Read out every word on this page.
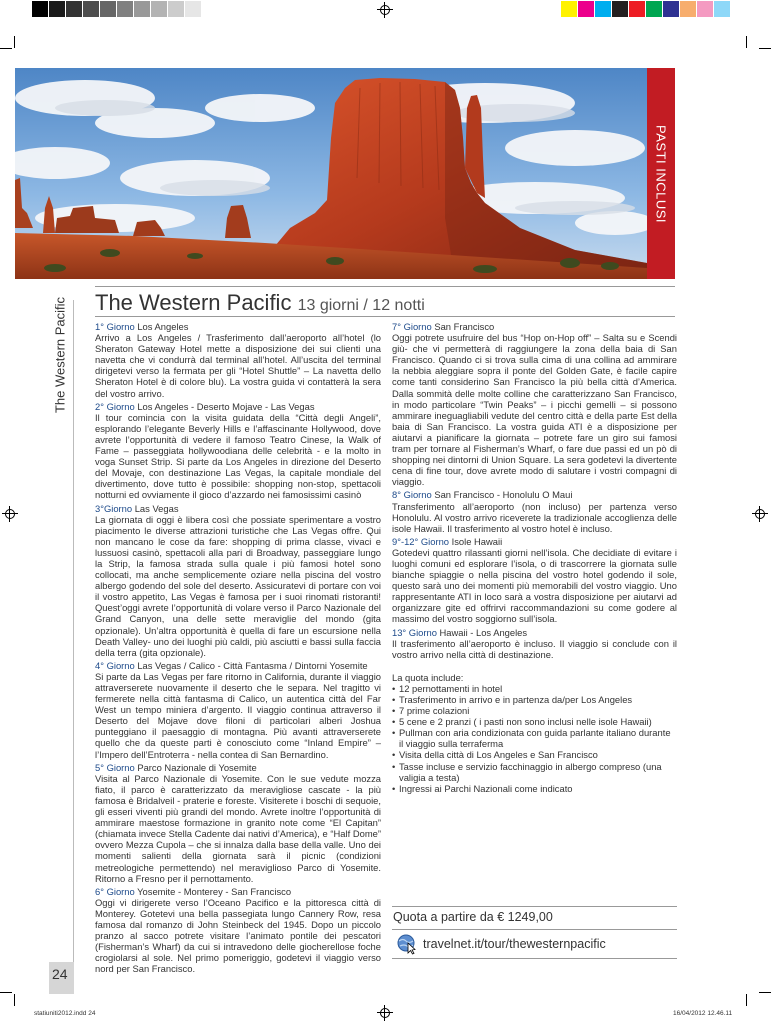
PASTI INCLUSI
The Western Pacific
24
The Western Pacific 13 giorni / 12 notti
1° Giorno Los Angeles

Arrivo a Los Angeles / Trasferimento dall’aeroporto all’hotel (lo Sheraton Gateway Hotel mette a disposizione dei sui clienti una navetta che vi condurrà dal terminal all’hotel. All’uscita del terminal dirigetevi verso la fermata per gli “Hotel Shuttle” – La navetta dello Sheraton Hotel è di colore blu). La vostra guida vi contatterà la sera del vostro arrivo.

2° Giorno Los Angeles - Deserto Mojave - Las Vegas

Il tour comincia con la visita guidata della “Città degli Angeli”, esplorando l’elegante Beverly Hills e l’affascinante Hollywood, dove avrete l’opportunità di vedere il famoso Teatro Cinese, la Walk of Fame – passeggiata hollywoodiana delle celebrità - e la molto in voga Sunset Strip. Si parte da Los Angeles in direzione del Deserto del Movaje, con destinazione Las Vegas, la capitale mondiale del divertimento, dove tutto è possibile: shopping non-stop, spettacoli notturni ed ovviamente il gioco d’azzardo nei famosissimi casinò

3°Giorno Las Vegas

La giornata di oggi è libera così che possiate sperimentare a vostro piacimento le diverse attrazioni turistiche che Las Vegas offre. Qui non mancano le cose da fare: shopping di prima classe, vivaci e lussuosi casinò, spettacoli alla pari di Broadway, passeggiare lungo la Strip, la famosa strada sulla quale i più famosi hotel sono collocati, ma anche semplicemente oziare nella piscina del vostro albergo godendo del sole del deserto. Assicuratevi di portare con voi il vostro appetito, Las Vegas è famosa per i suoi rinomati ristoranti! Quest’oggi avrete l’opportunità di volare verso il Parco Nazionale del Grand Canyon, una delle sette meraviglie del mondo (gita opzionale). Un’altra opportunità è quella di fare un escursione nella Death Valley- uno dei luoghi più caldi, più asciutti e bassi sulla faccia della terra (gita opzionale).

4° Giorno Las Vegas / Calico - Città Fantasma / Dintorni Yosemite

Si parte da Las Vegas per fare ritorno in California, durante il viaggio attraverserete nuovamente il deserto che le separa. Nel tragitto vi fermerete nella città fantasma di Calico, un autentica città del Far West un tempo miniera d’argento. Il viaggio continua attraverso il Deserto del Mojave dove filoni di particolari alberi Joshua punteggiano il paesaggio di montagna. Più avanti attraverserete quello che da queste parti è conosciuto come “Inland Empire” – l’Impero dell’Entroterra - nella contea di San Bernardino.

5° Giorno Parco Nazionale di Yosemite

Visita al Parco Nazionale di Yosemite. Con le sue vedute mozza fiato, il parco è caratterizzato da meravigliose cascate - la più famosa è Bridalveil - praterie e foreste. Visiterete i boschi di sequoie, gli esseri viventi più grandi del mondo. Avrete inoltre l’opportunità di ammirare maestose formazione in granito note come “El Capitan” (chiamata invece Stella Cadente dai nativi d’America), e “Half Dome” ovvero Mezza Cupola – che si innalza dalla base della valle. Uno dei momenti salienti della giornata sarà il picnic (condizioni metreologiche permettendo) nel meraviglioso Parco di Yosemite. Ritorno a Fresno per il pernottamento.

6° Giorno Yosemite - Monterey - San Francisco

Oggi vi dirigerete verso l’Oceano Pacifico e la pittoresca città di Monterey. Gotetevi una bella passegiata lungo Cannery Row, resa famosa dal romanzo di John Steinbeck del 1945. Dopo un piccolo pranzo al sacco potrete visitare l’animato pontile dei pescatori (Fisherman’s Wharf) da cui si intravedono delle giocherellose foche crogiolarsi al sole. Nel primo pomeriggio, godetevi il viaggio verso nord per San Francisco.

7° Giorno San Francisco

Oggi potrete usufruire del bus “Hop on-Hop off” – Salta su e Scendi giù- che vi permetterà di raggiungere la zona della baia di San Francisco. Quando ci si trova sulla cima di una collina ad ammirare la nebbia aleggiare sopra il ponte del Golden Gate, è facile capire come tanti considerino San Francisco la più bella città d’America. Dalla sommità delle molte colline che caratterizzano San Francisco, in modo particolare “Twin Peaks” – i picchi gemelli – si possono ammirare ineguagliabili vedute del centro città e della parte Est della baia di San Francisco. La vostra guida ATI è a disposizione per aiutarvi a pianificare la giornata – potrete fare un giro sui famosi tram per tornare al Fisherman’s Wharf, o fare due passi ed un pò di shopping nei dintorni di Union Square. La sera godetevi la divertente cena di fine tour, dove avrete modo di salutare i vostri compagni di viaggio.

8° Giorno San Francisco - Honolulu O Maui

Transferimento all’aeroporto (non incluso) per partenza verso Honolulu. Al vostro arrivo riceverete la tradizionale accoglienza delle isole Hawaii. Il trasferimento al vostro hotel è incluso.

9°-12° Giorno Isole Hawaii

Gotedevi quattro rilassanti giorni nell’isola. Che decidiate di evitare i luoghi comuni ed esplorare l’isola, o di trascorrere la giornata sulle bianche spiaggie o nella piscina del vostro hotel godendo il sole, questo sarà uno dei momenti più memorabili del vostro viaggio. Uno rappresentante ATI in loco sarà a vostra disposizione per aiutarvi ad organizzare gite ed offrirvi raccommandazioni su come godere al massimo del vostro soggiorno sull’isola.

13° Giorno Hawaii - Los Angeles

Il trasferimento all’aeroporto è incluso. Il viaggio si conclude con il vostro arrivo nella città di destinazione.

La quota include:
• 12 pernottamenti in hotel
• Trasferimento in arrivo e in partenza da/per Los Angeles
• 7 prime colazioni
• 5 cene e 2 pranzi ( i pasti non sono inclusi nelle isole Hawaii)
• Pullman con aria condizionata con guida parlante italiano durante il viaggio sulla terraferma
• Visita della città di Los Angeles e San Francisco
• Tasse incluse e servizio facchinaggio in albergo compreso (una valigia a testa)
• Ingressi ai Parchi Nazionali come indicato
Quota a partire da € 1249,00
travelnet.it/tour/thewesternpacific
statiuniti2012.indd 24	16/04/2012 12.46.11
